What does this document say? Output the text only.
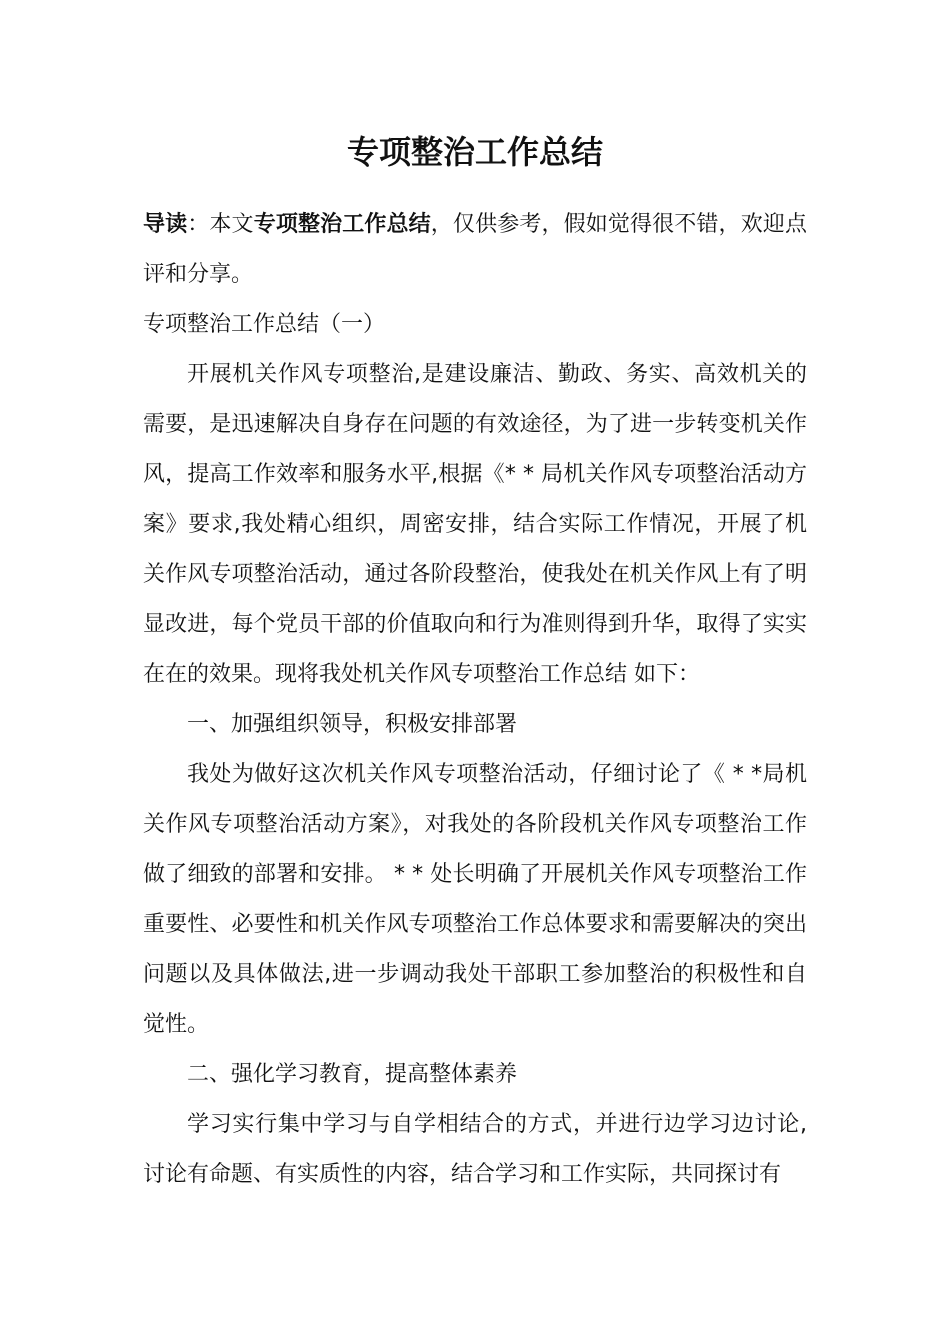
专项整治工作总结

导读：本文专项整治工作总结，仅供参考，假如觉得很不错，欢迎点评和分享。

专项整治工作总结（一）

开展机关作风专项整治,是建设廉洁、勤政、务实、高效机关的需要，是迅速解决自身存在问题的有效途径，为了进一步转变机关作风，提高工作效率和服务水平,根据《* * 局机关作风专项整治活动方案》要求,我处精心组织，周密安排，结合实际工作情况，开展了机关作风专项整治活动，通过各阶段整治，使我处在机关作风上有了明显改进，每个党员干部的价值取向和行为准则得到升华，取得了实实在在的效果。现将我处机关作风专项整治工作总结 如下：

一、加强组织领导，积极安排部署

我处为做好这次机关作风专项整治活动，仔细讨论了《 * *局机关作风专项整治活动方案》，对我处的各阶段机关作风专项整治工作做了细致的部署和安排。 * * 处长明确了开展机关作风专项整治工作重要性、必要性和机关作风专项整治工作总体要求和需要解决的突出问题以及具体做法,进一步调动我处干部职工参加整治的积极性和自觉性。

二、强化学习教育，提高整体素养

学习实行集中学习与自学相结合的方式，并进行边学习边讨论,讨论有命题、有实质性的内容，结合学习和工作实际，共同探讨有
